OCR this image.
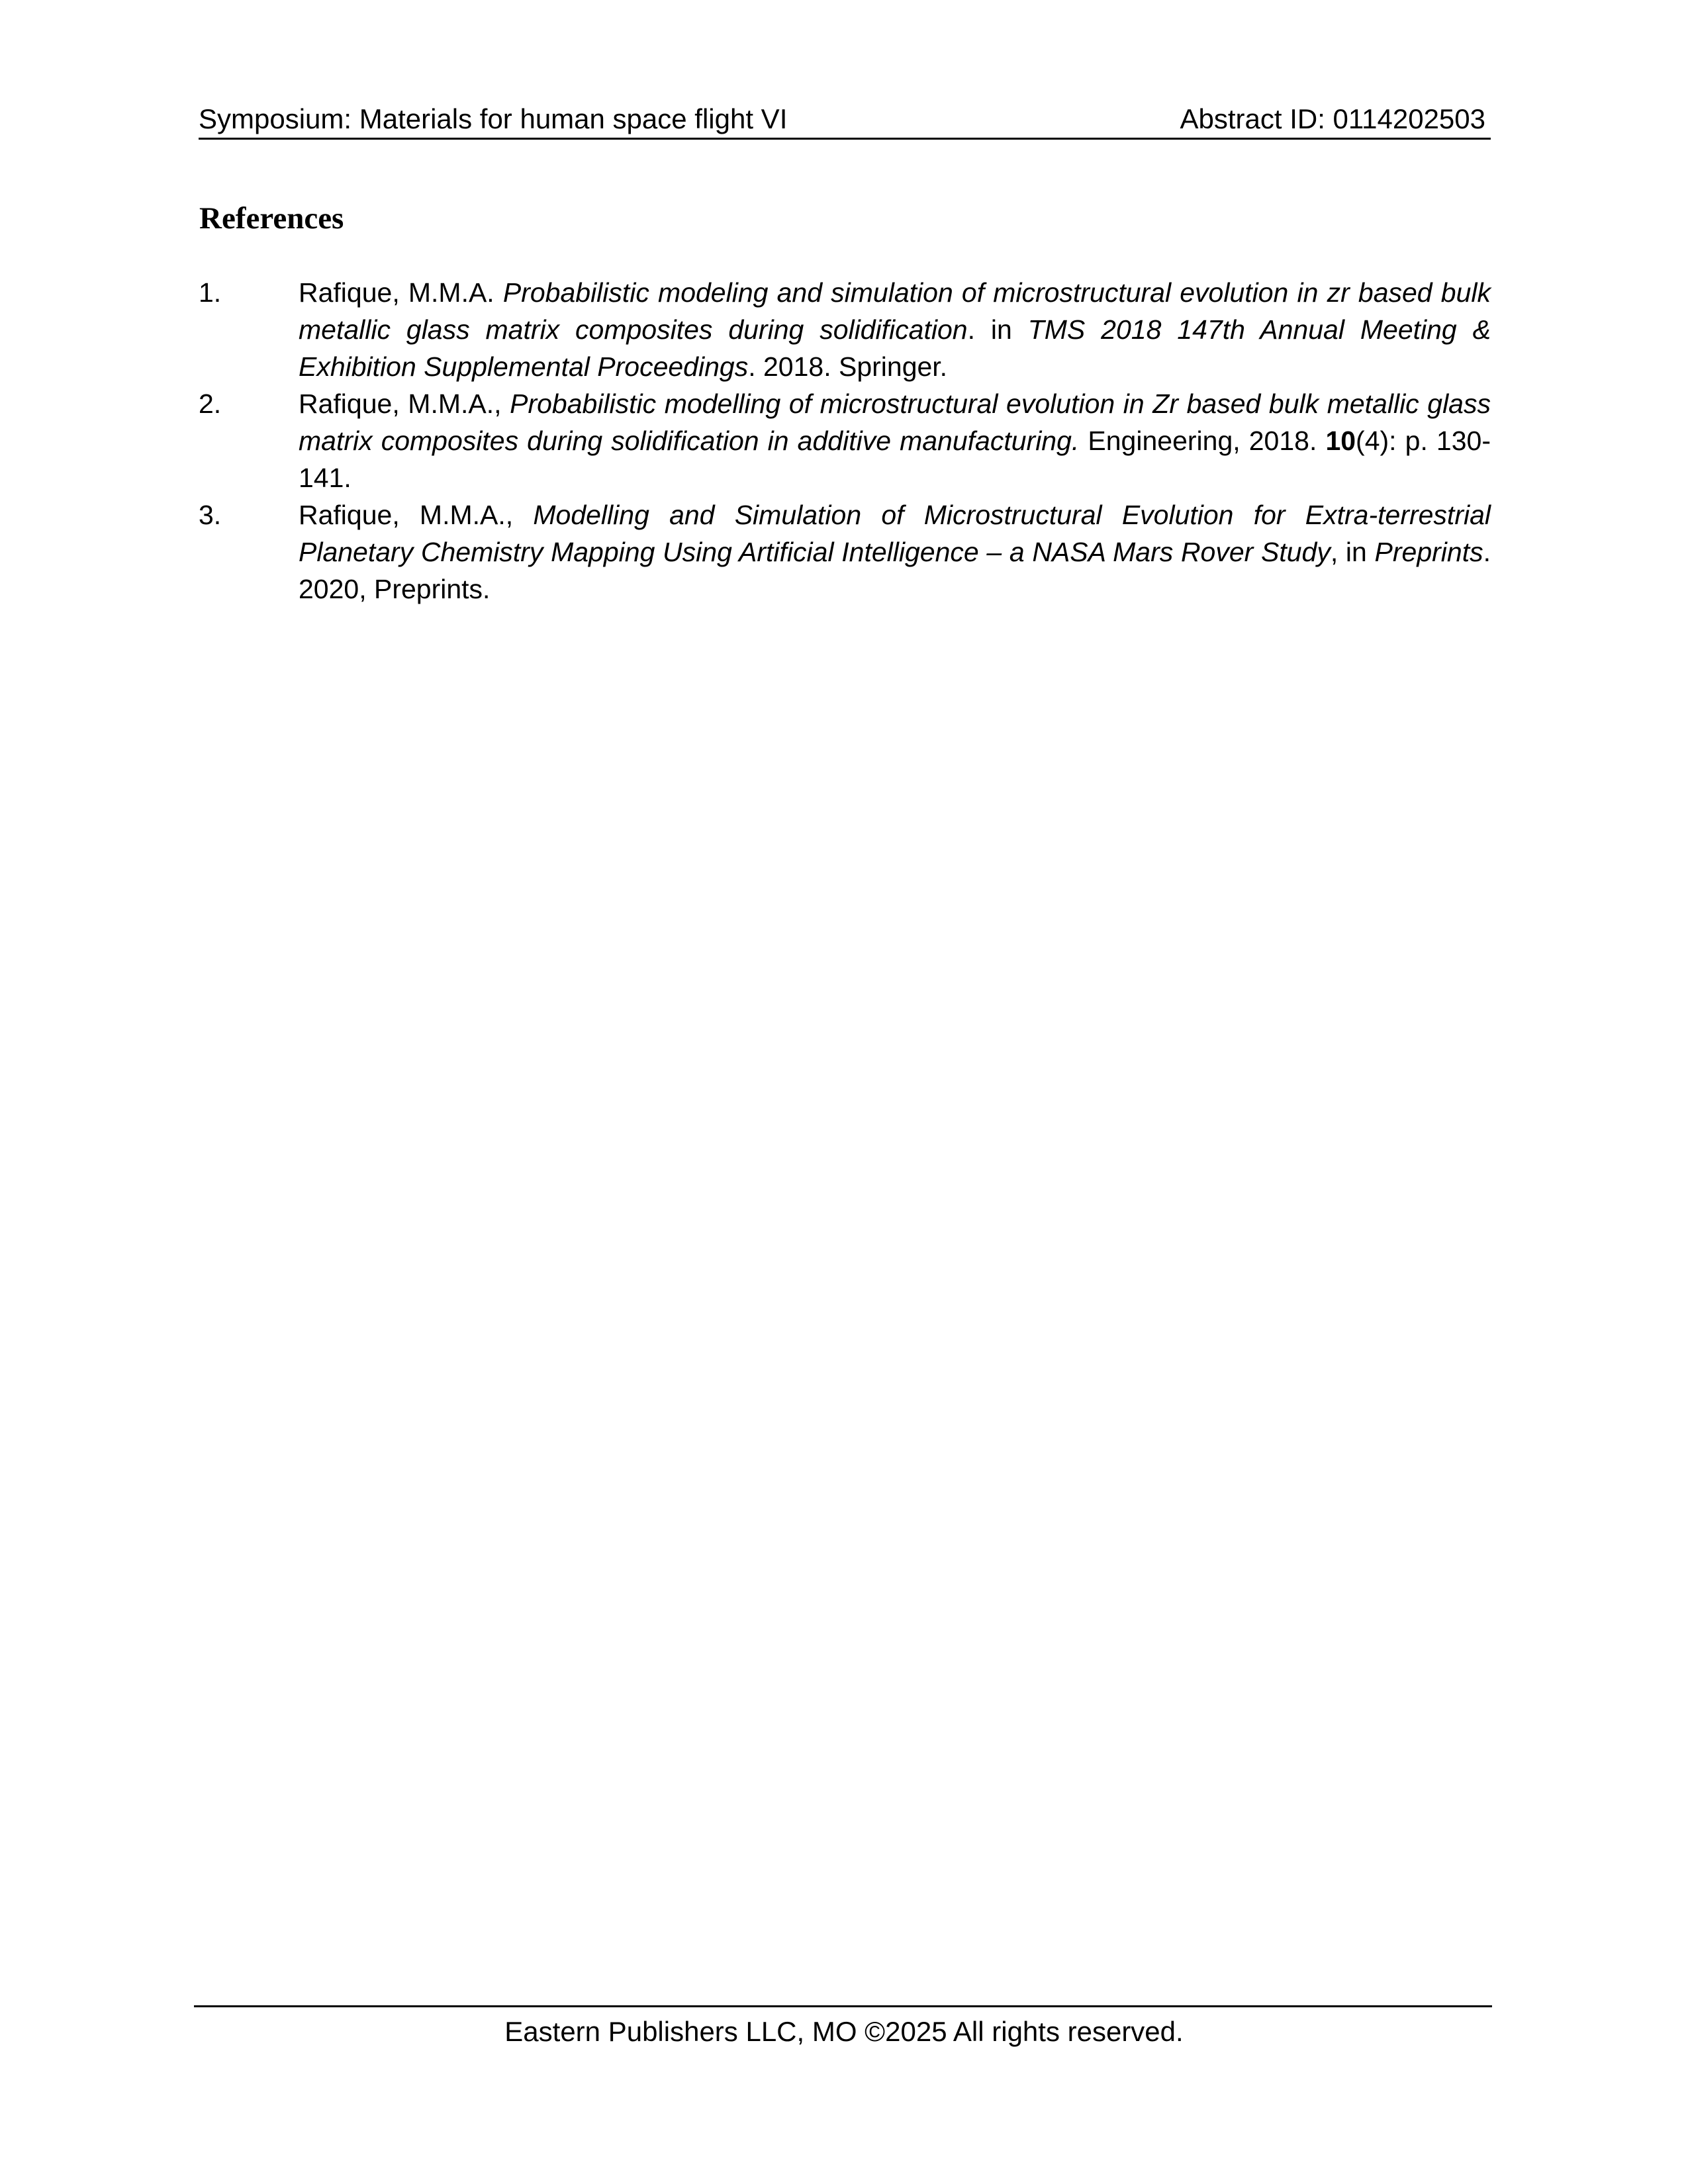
Symposium: Materials for human space flight VI	Abstract ID: 0114202503
References
1.	Rafique, M.M.A. Probabilistic modeling and simulation of microstructural evolution in zr based bulk metallic glass matrix composites during solidification. in TMS 2018 147th Annual Meeting & Exhibition Supplemental Proceedings. 2018. Springer.
2.	Rafique, M.M.A., Probabilistic modelling of microstructural evolution in Zr based bulk metallic glass matrix composites during solidification in additive manufacturing. Engineering, 2018. 10(4): p. 130-141.
3.	Rafique, M.M.A., Modelling and Simulation of Microstructural Evolution for Extra-terrestrial Planetary Chemistry Mapping Using Artificial Intelligence – a NASA Mars Rover Study, in Preprints. 2020, Preprints.
Eastern Publishers LLC, MO ©2025 All rights reserved.
